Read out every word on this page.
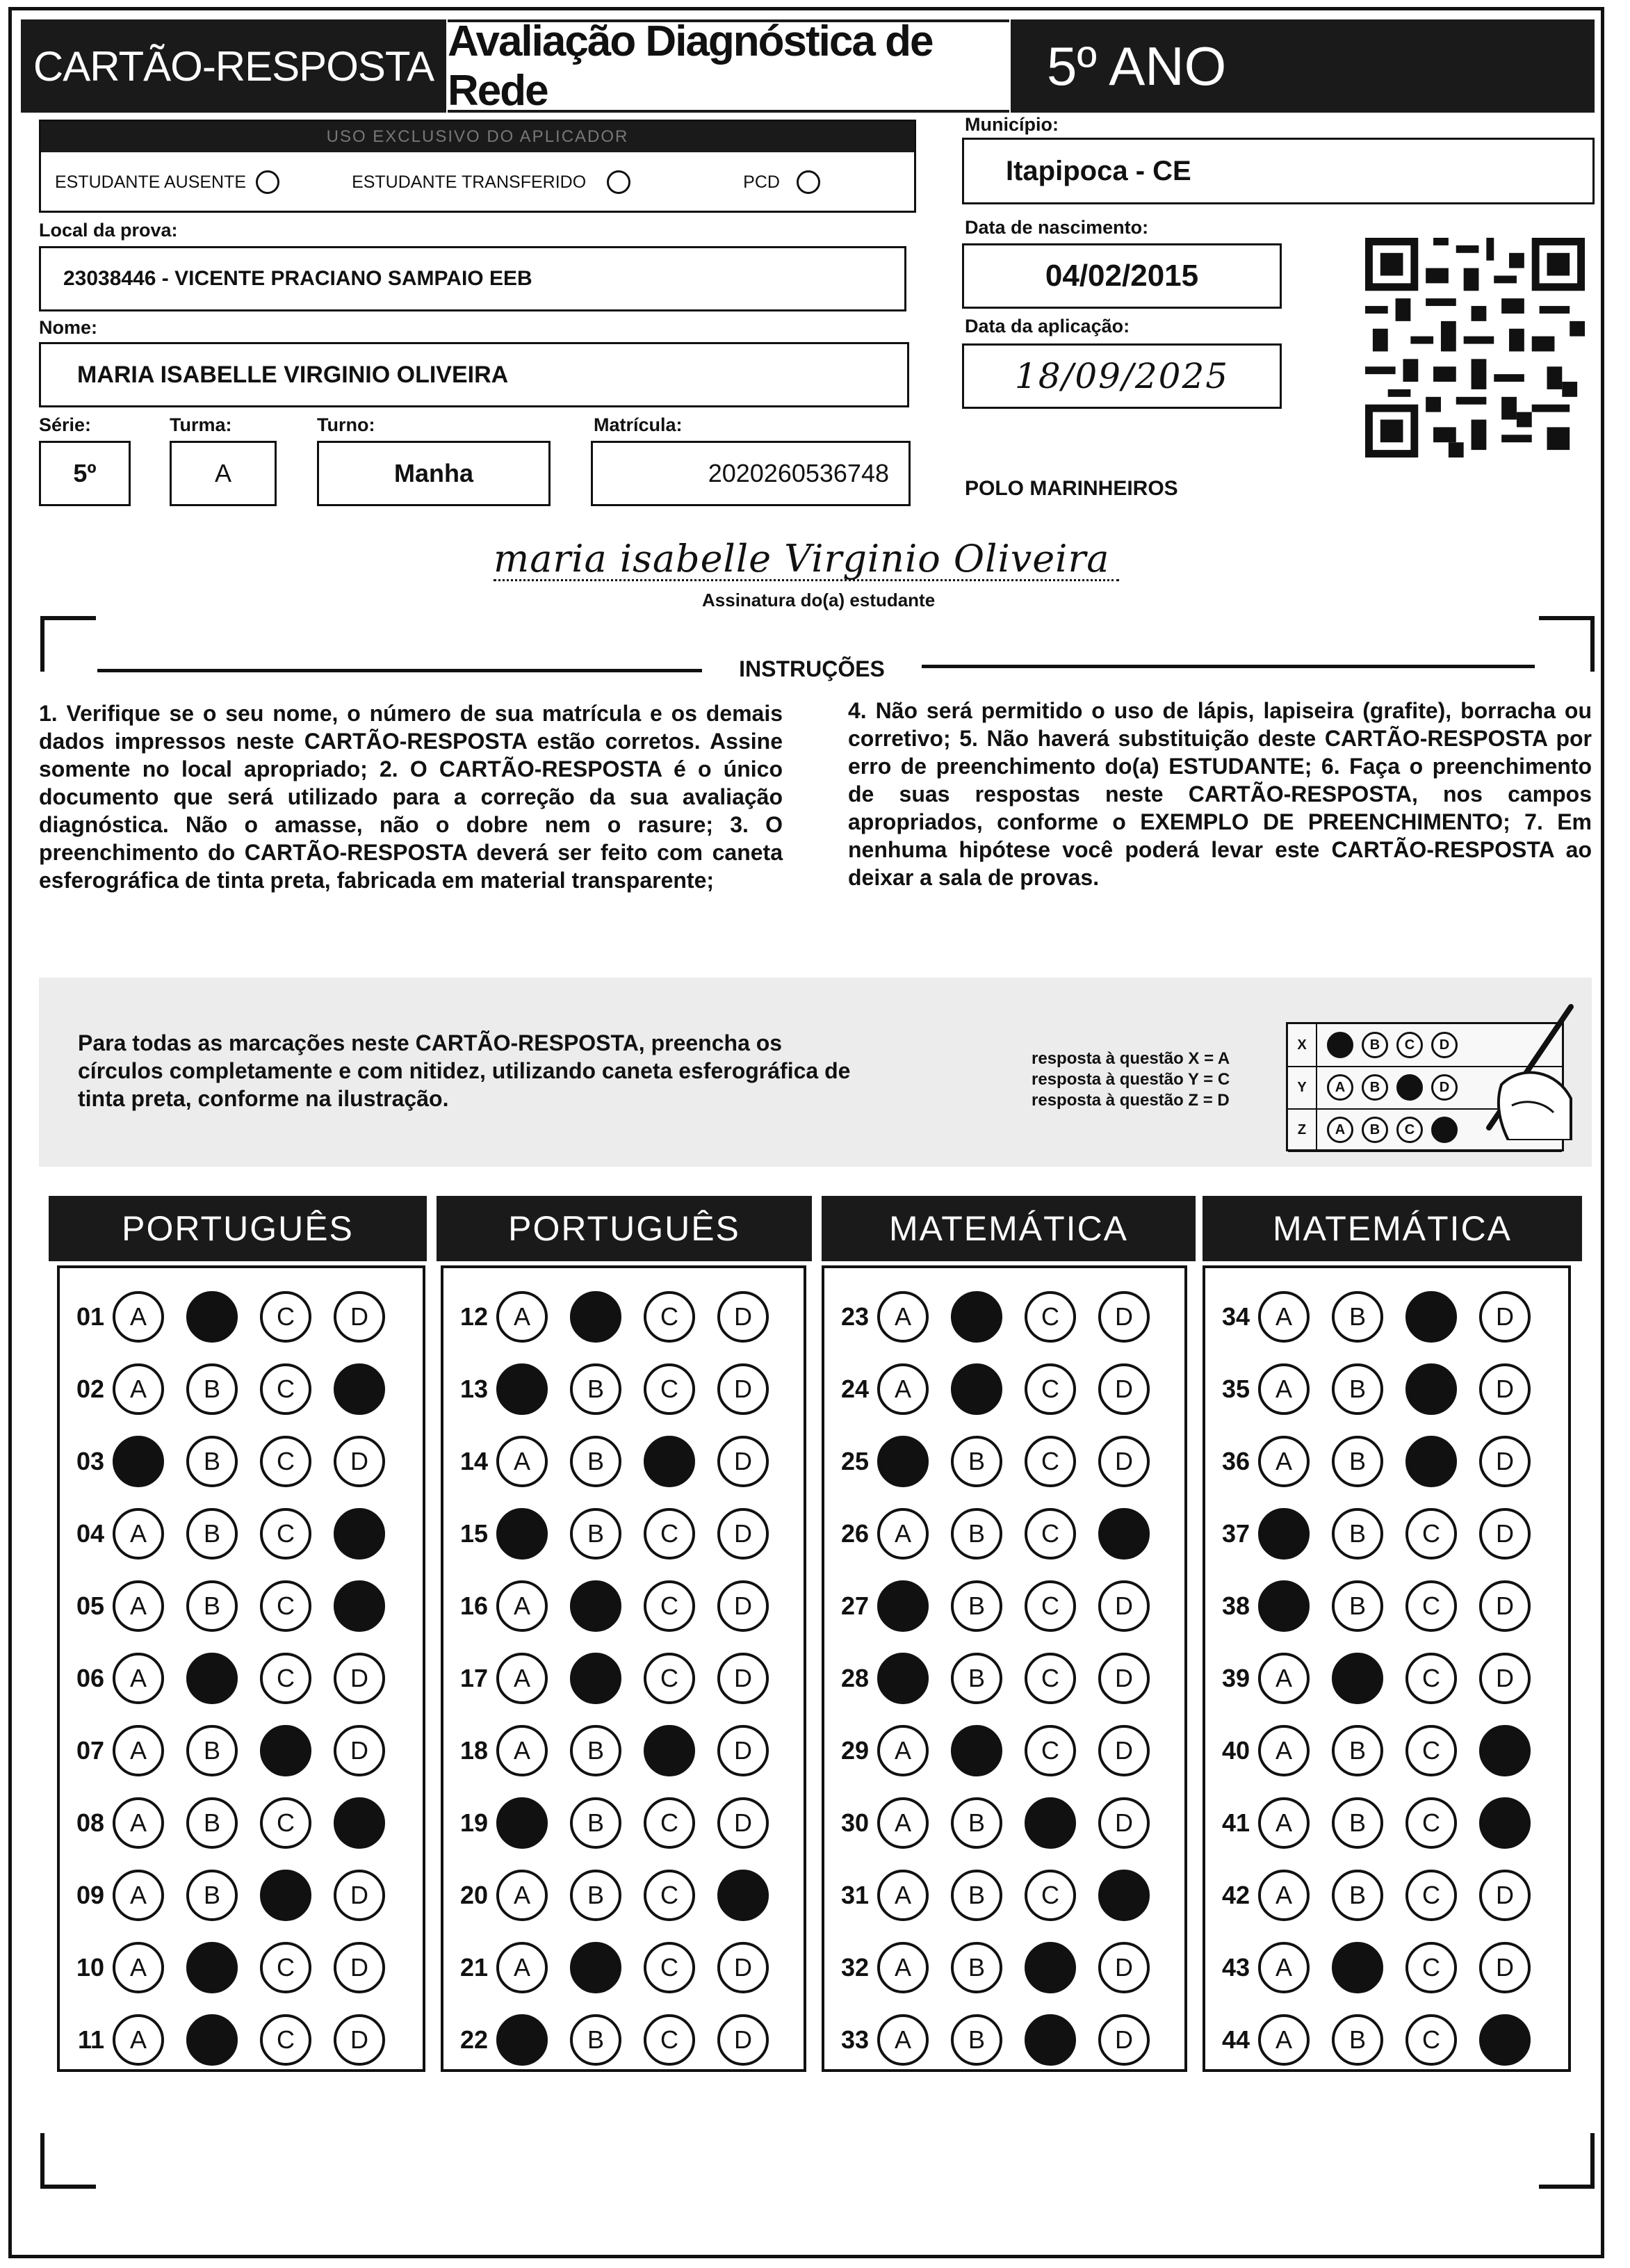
CARTÃO-RESPOSTA
Avaliação Diagnóstica de Rede	5º ANO
USO EXCLUSIVO DO APLICADOR
ESTUDANTE AUSENTE	ESTUDANTE TRANSFERIDO	PCD
Local da prova:
23038446 - VICENTE PRACIANO SAMPAIO EEB
Nome:
MARIA ISABELLE VIRGINIO OLIVEIRA
Série:
5º
Turma:
A
Turno:
Manha
Matrícula:
2020260536748
Município:
Itapipoca - CE
Data de nascimento:
04/02/2015
Data da aplicação:
18/09/2025
POLO MARINHEIROS
maria isabelle Virginio Oliveira
Assinatura do(a) estudante
INSTRUÇÕES
1. Verifique se o seu nome, o número de sua matrícula e os demais dados impressos neste CARTÃO-RESPOSTA estão corretos. Assine somente no local apropriado; 2. O CARTÃO-RESPOSTA é o único documento que será utilizado para a correção da sua avaliação diagnóstica. Não o amasse, não o dobre nem o rasure; 3. O preenchimento do CARTÃO-RESPOSTA deverá ser feito com caneta esferográfica de tinta preta, fabricada em material transparente;
4. Não será permitido o uso de lápis, lapiseira (grafite), borracha ou corretivo; 5. Não haverá substituição deste CARTÃO-RESPOSTA por erro de preenchimento do(a) ESTUDANTE; 6. Faça o preenchimento de suas respostas neste CARTÃO-RESPOSTA, nos campos apropriados, conforme o EXEMPLO DE PREENCHIMENTO; 7. Em nenhuma hipótese você poderá levar este CARTÃO-RESPOSTA ao deixar a sala de provas.
Para todas as marcações neste CARTÃO-RESPOSTA, preencha os círculos completamente e com nitidez, utilizando caneta esferográfica de tinta preta, conforme na ilustração.
resposta à questão X = A
resposta à questão Y = C
resposta à questão Z = D
X	A	B	C	D
Y	A	B	C	D
Z	A	B	C	D
PORTUGUÊS	PORTUGUÊS	MATEMÁTICA	MATEMÁTICA
01	A	B	C	D
02	A	B	C	D
03	A	B	C	D
04	A	B	C	D
05	A	B	C	D
06	A	B	C	D
07	A	B	C	D
08	A	B	C	D
09	A	B	C	D
10	A	B	C	D
11	A	B	C	D
12	A	B	C	D
13	A	B	C	D
14	A	B	C	D
15	A	B	C	D
16	A	B	C	D
17	A	B	C	D
18	A	B	C	D
19	A	B	C	D
20	A	B	C	D
21	A	B	C	D
22	A	B	C	D
23	A	B	C	D
24	A	B	C	D
25	A	B	C	D
26	A	B	C	D
27	A	B	C	D
28	A	B	C	D
29	A	B	C	D
30	A	B	C	D
31	A	B	C	D
32	A	B	C	D
33	A	B	C	D
34	A	B	C	D
35	A	B	C	D
36	A	B	C	D
37	A	B	C	D
38	A	B	C	D
39	A	B	C	D
40	A	B	C	D
41	A	B	C	D
42	A	B	C	D
43	A	B	C	D
44	A	B	C	D
